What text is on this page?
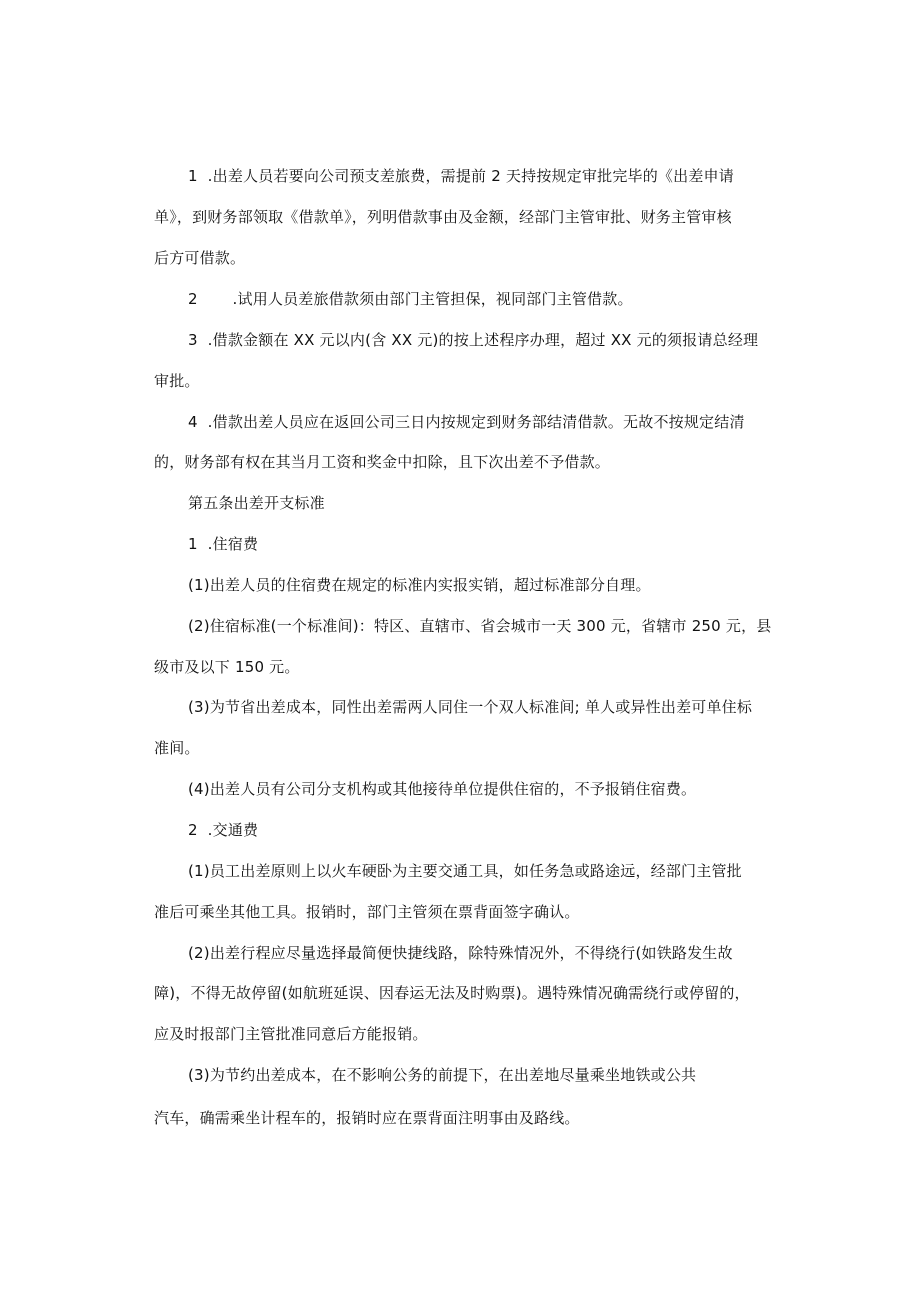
1  .出差人员若要向公司预支差旅费，需提前 2 天持按规定审批完毕的《出差申请
单》，到财务部领取《借款单》，列明借款事由及金额，经部门主管审批、财务主管审核
后方可借款。
2       .试用人员差旅借款须由部门主管担保，视同部门主管借款。
3  .借款金额在 XX 元以内(含 XX 元)的按上述程序办理，超过 XX 元的须报请总经理
审批。
4  .借款出差人员应在返回公司三日内按规定到财务部结清借款。无故不按规定结清
的，财务部有权在其当月工资和奖金中扣除，且下次出差不予借款。
第五条出差开支标准
1  .住宿费
(1)出差人员的住宿费在规定的标准内实报实销，超过标准部分自理。
(2)住宿标准(一个标准间)：特区、直辖市、省会城市一天 300 元，省辖市 250 元，县
级市及以下 150 元。
(3)为节省出差成本，同性出差需两人同住一个双人标准间; 单人或异性出差可单住标
准间。
(4)出差人员有公司分支机构或其他接待单位提供住宿的，不予报销住宿费。
2  .交通费
(1)员工出差原则上以火车硬卧为主要交通工具，如任务急或路途远，经部门主管批
准后可乘坐其他工具。报销时，部门主管须在票背面签字确认。
(2)出差行程应尽量选择最简便快捷线路，除特殊情况外，不得绕行(如铁路发生故
障)，不得无故停留(如航班延误、因春运无法及时购票)。遇特殊情况确需绕行或停留的，
应及时报部门主管批准同意后方能报销。
(3)为节约出差成本，在不影响公务的前提下，在出差地尽量乘坐地铁或公共
汽车，确需乘坐计程车的，报销时应在票背面注明事由及路线。
